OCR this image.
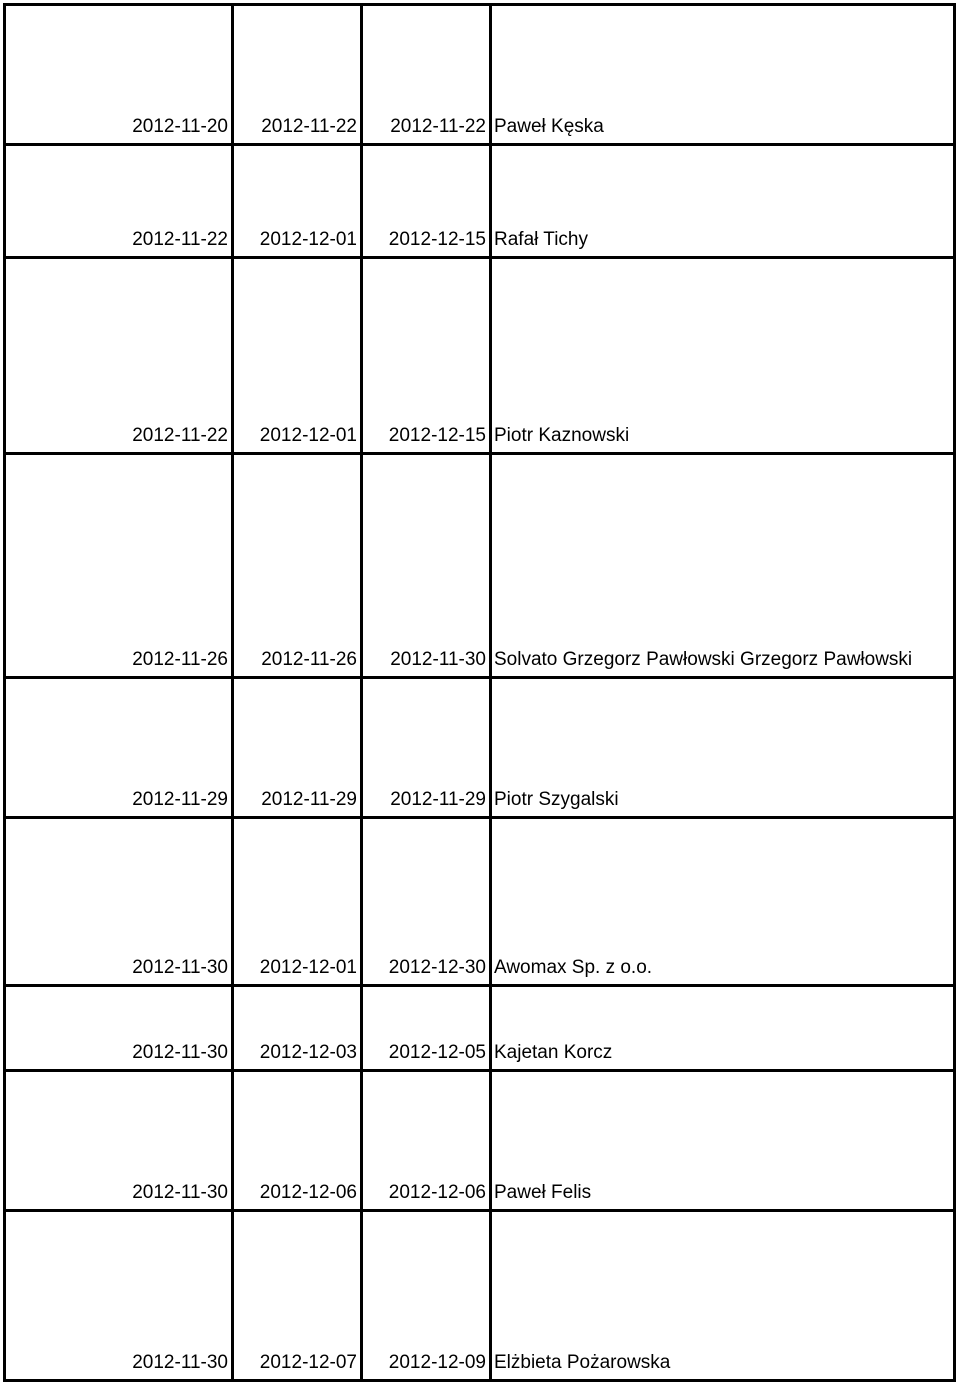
2012-11-20	2012-11-22	2012-11-22 Paweł Kęska
2012-11-22	2012-12-01	2012-12-15 Rafał Tichy
2012-11-22	2012-12-01	2012-12-15 Piotr Kaznowski
2012-11-26	2012-11-26	2012-11-30 Solvato Grzegorz Pawłowski Grzegorz Pawłowski
2012-11-29	2012-11-29	2012-11-29 Piotr Szygalski
2012-11-30	2012-12-01	2012-12-30 Awomax Sp. z o.o.
2012-11-30	2012-12-03	2012-12-05 Kajetan Korcz
2012-11-30	2012-12-06	2012-12-06 Paweł Felis
2012-11-30	2012-12-07	2012-12-09 Elżbieta Pożarowska
